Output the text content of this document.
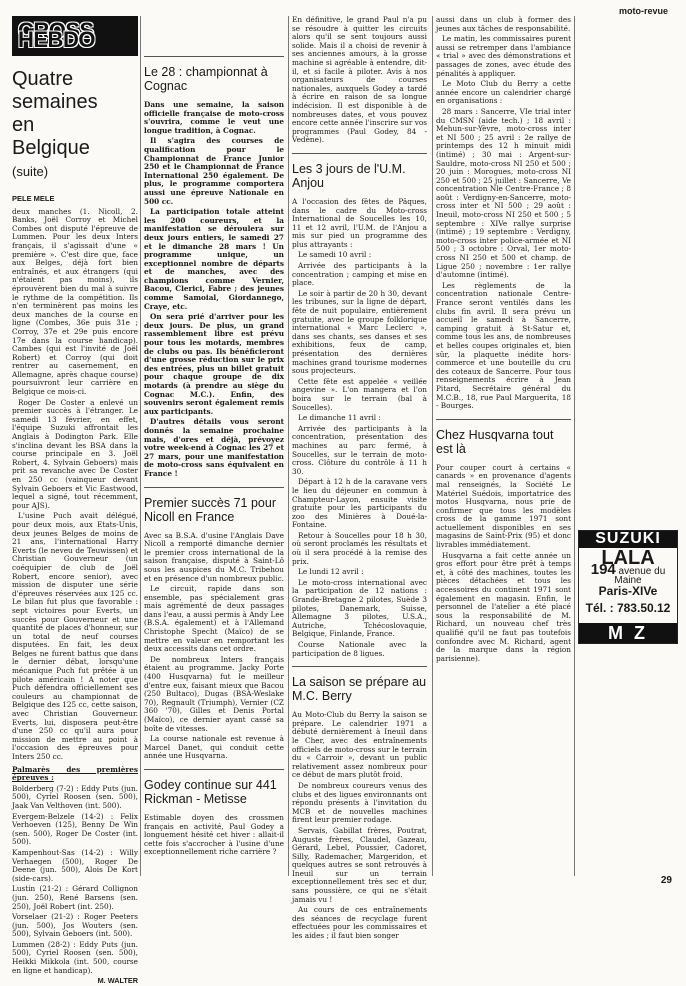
moto-revue
CROSS HEBDO
Quatre
semaines
en
Belgique
(suite)
PELE MELE

deux manches (1. Nicoll, 2. Banks, Joël Corroy et Michel Combes ont disputé l'épreuve de Lummen. Pour les deux Inters français, il s'agissait d'une « première ». C'est dire que, face aux Belges, déjà fort bien entraînés, et aux étrangers (qui n'étaient pas moins), ils éprouvèrent bien du mal à suivre le rythme de la compétition. Ils n'en terminèrent pas moins les deux manches de la course en ligne (Combes, 36e puis 31e ; Corroy, 37e et 29e puis encore 17e dans la course handicap). Cambes (qui est l'invité de Joël Robert) et Corroy (qui doit rentrer au casernement, en Allemagne, après chaque course) poursuivront leur carrière en Belgique ce mois-ci.

Roger De Coster a enlevé un premier succès à l'étranger. Le samedi 13 février, en effet, l'équipe Suzuki affrontait les Anglais à Dodington Park. Elle s'inclina devant les BSA dans la course principale en 3. Joël Robert, 4. Sylvain Geboers) mais prit sa revanche avec De Coster en 250 cc (vainqueur devant Sylvain Geboers et Vic Eastwood, lequel a signé, tout récemment, pour AJS).

L'usine Puch avait délégué, pour deux mois, aux Etats-Unis, deux jeunes Belges de moins de 21 ans, l'international Harry Everts (le neveu de Teuwissen) et Christian Gouverneur (un coéquipier de club de Joël Robert, encore senior), avec mission de disputer une série d'épreuves réservées aux 125 cc. Le bilan fut plus que favorable : sept victoires pour Everts, un succès pour Gouverneur et une quantité de places d'honneur, sur un total de neuf courses disputées. En fait, les deux Belges ne furent battus que dans le dernier débat, lorsqu'une mécanique Puch fut prêtée à un pilote américain ! A noter que Puch défendra officiellement ses couleurs au championnat de Belgique des 125 cc, cette saison, avec Christian Gouverneur. Everts, lui, disposera peut-être d'une 250 cc qu'il aura pour mission de mettre au point à l'occasion des épreuves pour Inters 250 cc.

Palmarès des premières épreuves :

Bolderberg (7-2) : Eddy Puts (jun. 500), Cyriel Roosen (sen. 500), Jaak Van Velthoven (int. 500).

Evergem-Belzele (14-2) : Felix Verhoeven (125), Benny De Win (sen. 500), Roger De Coster (int. 500).

Kampenhout-Sas (14-2) : Willy Verhaegen (500), Roger De Deene (jun. 500), Alois De Kort (side-cars).

Lustin (21-2) : Gérard Collignon (jun. 250), René Barsens (sen. 250), Joël Robert (int. 250).

Vorselaer (21-2) : Roger Peeters (jun. 500), Jos Wouters (sen. 500), Sylvain Geboers (int. 500).

Lummen (28-2) : Eddy Puts (jun. 500), Cyriel Roosen (sen. 500), Heikki Mikkola (int. 500, course en ligne et handicap).

M. WALTER
Le 28 : championnat à Cognac

Dans une semaine, la saison officielle française de moto-cross s'ouvrira, comme le veut une longue tradition, à Cognac.

Il s'agira des courses de qualification pour le Championnat de France Junior 250 et le Championnat de France International 250 également. De plus, le programme comportera aussi une épreuve Nationale en 500 cc.

La participation totale atteint les 200 coureurs, et la manifestation se déroulera sur deux jours entiers, le samedi 27 et le dimanche 28 mars ! Un programme unique, un exceptionnel nombre de départs et de manches, avec des champions comme Vernier, Bacou, Clerici, Fabre ; des jeunes comme Samoial, Giordannego, Craye, etc.

On sera prié d'arriver pour les deux jours. De plus, un grand rassemblement libre est prévu pour tous les motards, membres de clubs ou pas. Ils bénéficieront d'une grosse réduction sur le prix des entrées, plus un billet gratuit pour chaque groupe de dix motards (à prendre au siège du Cognac M.C.). Enfin, des souvenirs seront également remis aux participants.

D'autres détails vous seront donnés la semaine prochaine mais, d'ores et déjà, prévoyez votre week-end à Cognac les 27 et 27 mars, pour une manifestation de moto-cross sans équivalent en France !

Premier succès 71 pour Nicoll en France

Avec sa B.S.A. d'usine l'Anglais Dave Nicoll a remporté dimanche dernier le premier cross international de la saison française, disputé à Saint-Lô sous les auspices du M.C. Tribehou et en présence d'un nombreux public.

Le circuit, rapide dans son ensemble, pas spécialement gras mais agrémenté de deux passages dans l'eau, a aussi permis à Andy Lee (B.S.A. également) et à l'Allemand Christophe Specht (Maïco) de se mettre en valeur en remportant les deux accessits dans cet ordre.

De nombreux Inters français étaient au programme. Jacky Porte (400 Husqvarna) fut le meilleur d'entre eux, faisant mieux que Bacou (250 Bultaco), Dugas (BSA-Weslake 70), Regnault (Triumph), Vernier (CZ 360 '70), Gilles et Denis Portal (Maïco), ce dernier ayant cassé sa boîte de vitesses.

La course nationale est revenue à Marcel Danet, qui conduit cette année une Husqvarna.

Godey continue sur 441 Rickman - Metisse

Estimable doyen des crossmen français en activité, Paul Godey a longuement hésité cet hiver : allait-il cette fois s'accrocher à l'usine d'une exceptionnellement riche carrière ?

En définitive, le grand Paul n'a pu se résoudre à quitter les circuits alors qu'il se sent toujours aussi solide. Mais il a choisi de revenir à ses anciennes amours, à la grosse machine si agréable à entendre, dit-il, et si facile à piloter. Avis à nos organisateurs de courses nationales, auxquels Godey a tardé à écrire en raison de sa longue indécision. Il est disponible à de nombreuses dates, et vous pouvez encore cette année l'inscrire sur vos programmes (Paul Godey, 84 - Vedène).

Les 3 jours de l'U.M. Anjou

A l'occasion des fêtes de Pâques, dans le cadre du Moto-cross International de Soucelles les 10, 11 et 12 avril, l'U.M. de l'Anjou a mis sur pied un programme des plus attrayants :

Le samedi 10 avril :

Arrivée des participants à la concentration ; camping et mise en place.

Le soir à partir de 20 h 30, devant les tribunes, sur la ligne de départ, fête de nuit populaire, entièrement gratuite, avec le groupe folklorique international « Marc Leclerc », dans ses chants, ses danses et ses exhibitions, feux de camp, présentation des dernières machines grand tourisme modernes sous projecteurs.

Cette fête est appelée « veillée angevine ». L'on mangera et l'on boira sur le terrain (bal à Soucelles).

Le dimanche 11 avril :

Arrivée des participants à la concentration, présentation des machines au parc fermé, à Soucelles, sur le terrain de moto-cross. Clôture du contrôle à 11 h 30.

Départ à 12 h de la caravane vers le lieu du déjeuner en commun à Champteur-Layon, ensuite visite gratuite pour les participants du zoo des Minières à Doué-la-Fontaine.

Retour à Soucelles pour 18 h 30, où seront proclamés les résultats et où il sera procédé à la remise des prix.

Le lundi 12 avril :

Le moto-cross international avec la participation de 12 nations : Grande-Bretagne 2 pilotes, Suède 3 pilotes, Danemark, Suisse, Allemagne 3 pilotes, U.S.A., Autriche, Tchécoslovaquie, Belgique, Finlande, France.

Course Nationale avec la participation de 8 ligues.

La saison se prépare au M.C. Berry

Au Moto-Club du Berry la saison se prépare. Le calendrier 1971 a débuté dernièrement à Ineuil dans le Cher, avec des entraînements officiels de moto-cross sur le terrain du « Carroir », devant un public relativement assez nombreux pour ce début de mars plutôt froid.

De nombreux coureurs venus des clubs et des ligues environnants ont répondu présents à l'invitation du MCB et de nouvelles machines firent leur premier rodage.

Servais, Gabillat frères, Poutrat, Auguste frères, Claudel, Gazeau, Gérard, Lebel, Poussier, Cadoret, Silly, Rademacher, Margeridon, et quelques autres se sont retrouvés à Ineuil sur un terrain exceptionnellement très sec et dur, sans poussière, ce qui ne s'était jamais vu !

Au cours de ces entraînements des séances de recyclage furent effectuées pour les commissaires et les aides ; il faut bien songer

aussi dans un club à former des jeunes aux tâches de responsabilité.

Le matin, les commissaires purent aussi se retremper dans l'ambiance « trial » avec des démonstrations et passages de zones, avec étude des pénalités à appliquer.

Le Moto Club du Berry a cette année encore un calendrier chargé en organisations :

28 mars : Sancerre, VIe trial inter du CMSN (aide tech.) ; 18 avril : Mehun-sur-Yèvre, moto-cross inter et NI 500 ; 25 avril : 2e rallye de printemps des 12 h minuit midi (intimé) ; 30 mai : Argent-sur-Sauldre, moto-cross NI 250 et 500 ; 20 juin : Morogues, moto-cross NI 250 et 500 ; 25 juillet : Sancerre, Ve concentration Nle Centre-France ; 8 août : Verdigny-en-Sancerre, moto-cross inter et NI 500 ; 29 août : Ineuil, moto-cross NI 250 et 500 ; 5 septembre : XIVe rallye surprise (intimé) ; 19 septembre : Verdigny, moto-cross inter police-armée et NI 500 ; 3 octobre : Orval, 1er moto-cross NI 250 et 500 et champ. de Ligue 250 ; novembre : 1er rallye d'automne (intimé).

Les règlements de la concentration nationale Centre-France seront ventilés dans les clubs fin avril. Il sera prévu un accueil le samedi à Sancerre, camping gratuit à St-Satur et, comme tous les ans, de nombreuses et belles coupes originales et, bien sûr, la plaquette inédite hors-commerce et une bouteille du cru des coteaux de Sancerre. Pour tous renseignements écrire à Jean Pitard, Secrétaire général du M.C.B., 18, rue Paul Marguerita, 18 - Bourges.

Chez Husqvarna tout est là

Pour couper court à certains « canards » en provenance d'agents mal renseignés, la Société Le Matériel Suédois, importatrice des motos Husqvarna, nous prie de confirmer que tous les modèles cross de la gamme 1971 sont actuellement disponibles en ses magasins de Saint-Prix (95) et donc livrables immédiatement.

Husqvarna a fait cette année un gros effort pour être prêt à temps et, à côté des machines, toutes les pièces détachées et tous les accessoires du continent 1971 sont également en magasin. Enfin, le personnel de l'atelier a été placé sous la responsabilité de M. Richard, un nouveau chef très qualifié qu'il ne faut pas toutefois confondre avec M. Richard, agent de la marque dans la région parisienne).

SUZUKI
LALA
194 avenue du Maine
Paris-XIVe
Tél. : 783.50.12
M Z
29
